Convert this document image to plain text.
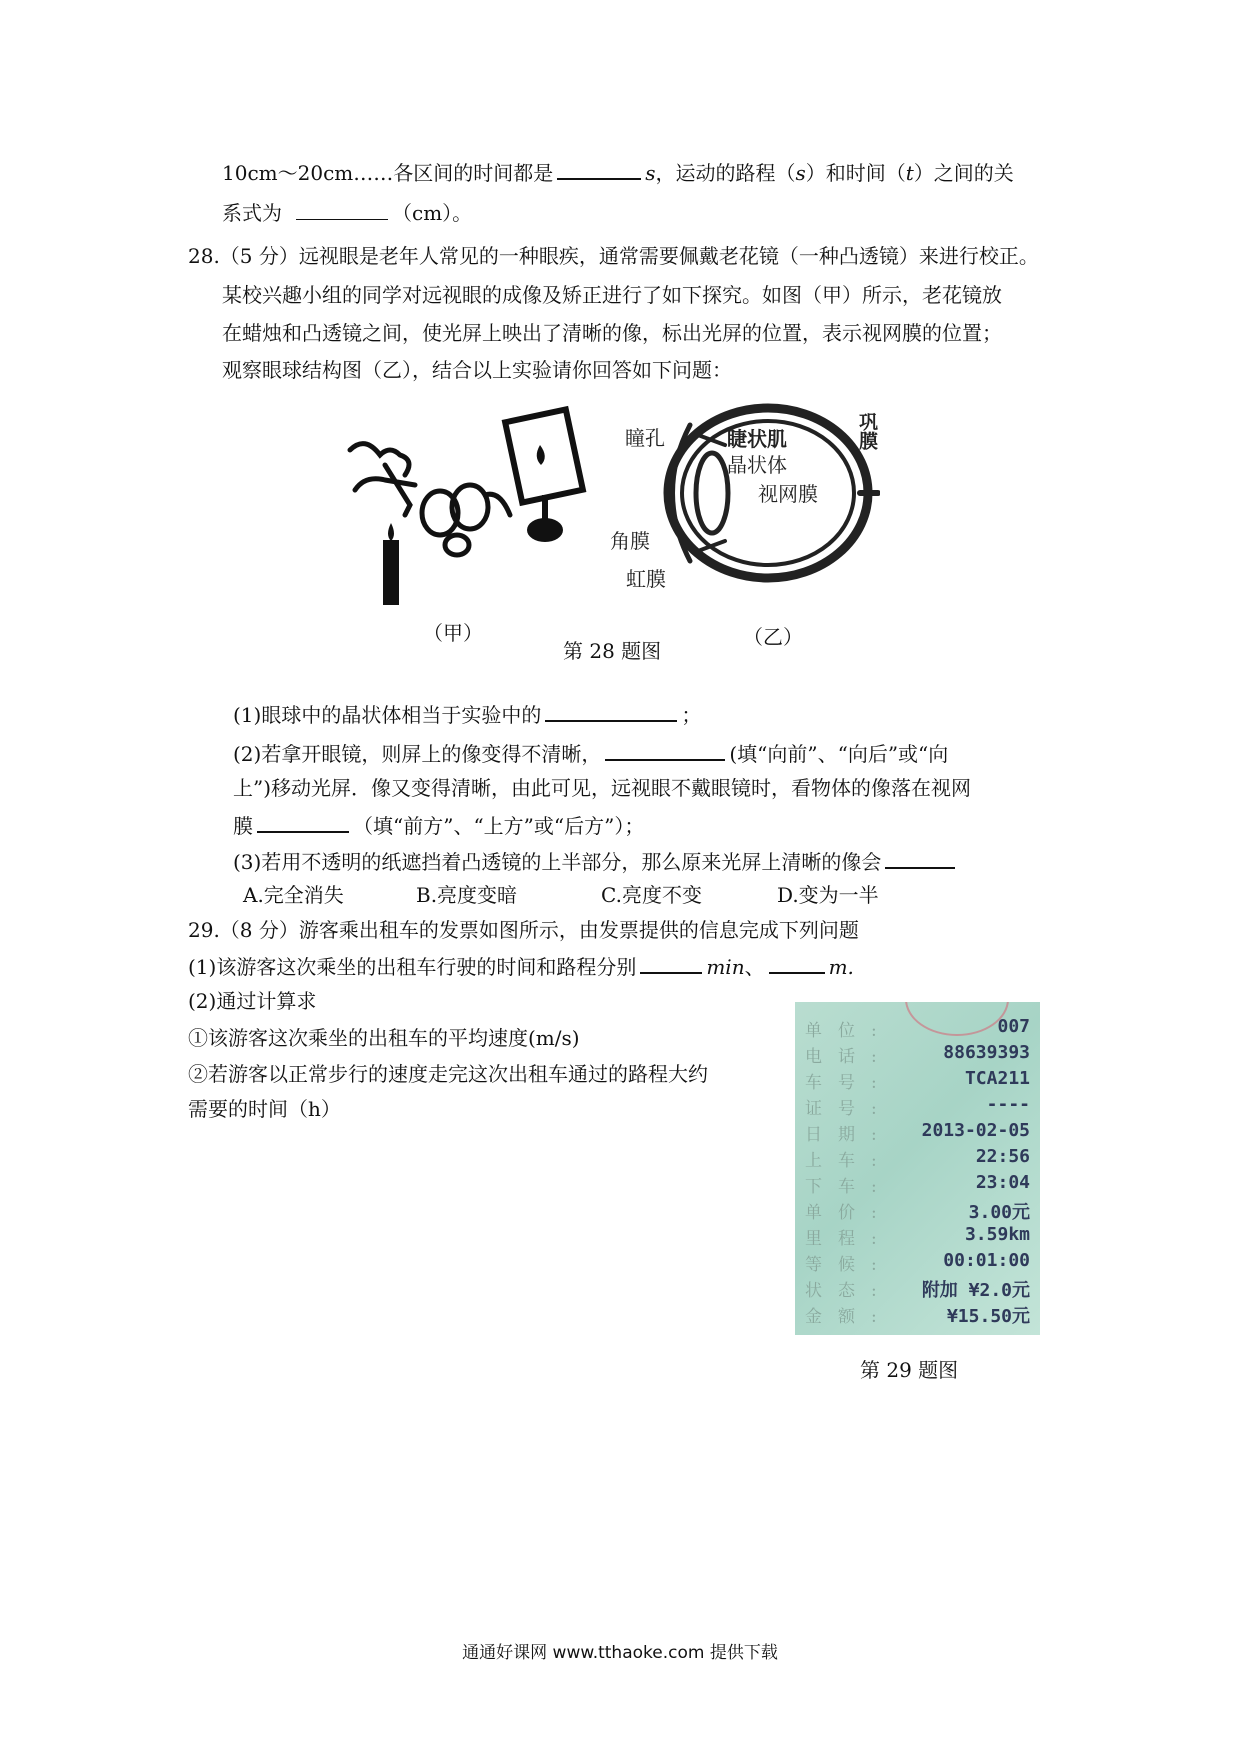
10cm～20cm……各区间的时间都是	s，运动的路程（s）和时间（t）之间的关
系式为	（cm）。
28.（5 分）远视眼是老年人常见的一种眼疾，通常需要佩戴老花镜（一种凸透镜）来进行校正。
某校兴趣小组的同学对远视眼的成像及矫正进行了如下探究。如图（甲）所示，老花镜放
在蜡烛和凸透镜之间，使光屏上映出了清晰的像，标出光屏的位置，表示视网膜的位置；
观察眼球结构图（乙），结合以上实验请你回答如下问题：
瞳孔	睫状肌
晶状体
视网膜
角膜
虹膜
巩膜
（甲）	（乙）
第 28 题图
(1)眼球中的晶状体相当于实验中的	；
(2)若拿开眼镜，则屏上的像变得不清晰，	(填“向前”、“向后”或“向
上”)移动光屏．像又变得清晰，由此可见，远视眼不戴眼镜时，看物体的像落在视网
膜	（填“前方”、“上方”或“后方”）；
(3)若用不透明的纸遮挡着凸透镜的上半部分，那么原来光屏上清晰的像会
A.完全消失	B.亮度变暗	C.亮度不变	D.变为一半
29.（8 分）游客乘出租车的发票如图所示，由发票提供的信息完成下列问题
(1)该游客这次乘坐的出租车行驶的时间和路程分别	min、	m.
(2)通过计算求
①该游客这次乘坐的出租车的平均速度(m/s)
②若游客以正常步行的速度走完这次出租车通过的路程大约
需要的时间（h）
单位:	007
电话:	88639393
车号:	TCA211
证号:	----
日期: 2013-02-05
上车:	22:56
下车:	23:04
单价:	3.00元
里程:	3.59km
等候:	00:01:00
状态: 附加 ¥2.0元
金额:	¥15.50元
第 29 题图
通通好课网 www.tthaoke.com 提供下载
